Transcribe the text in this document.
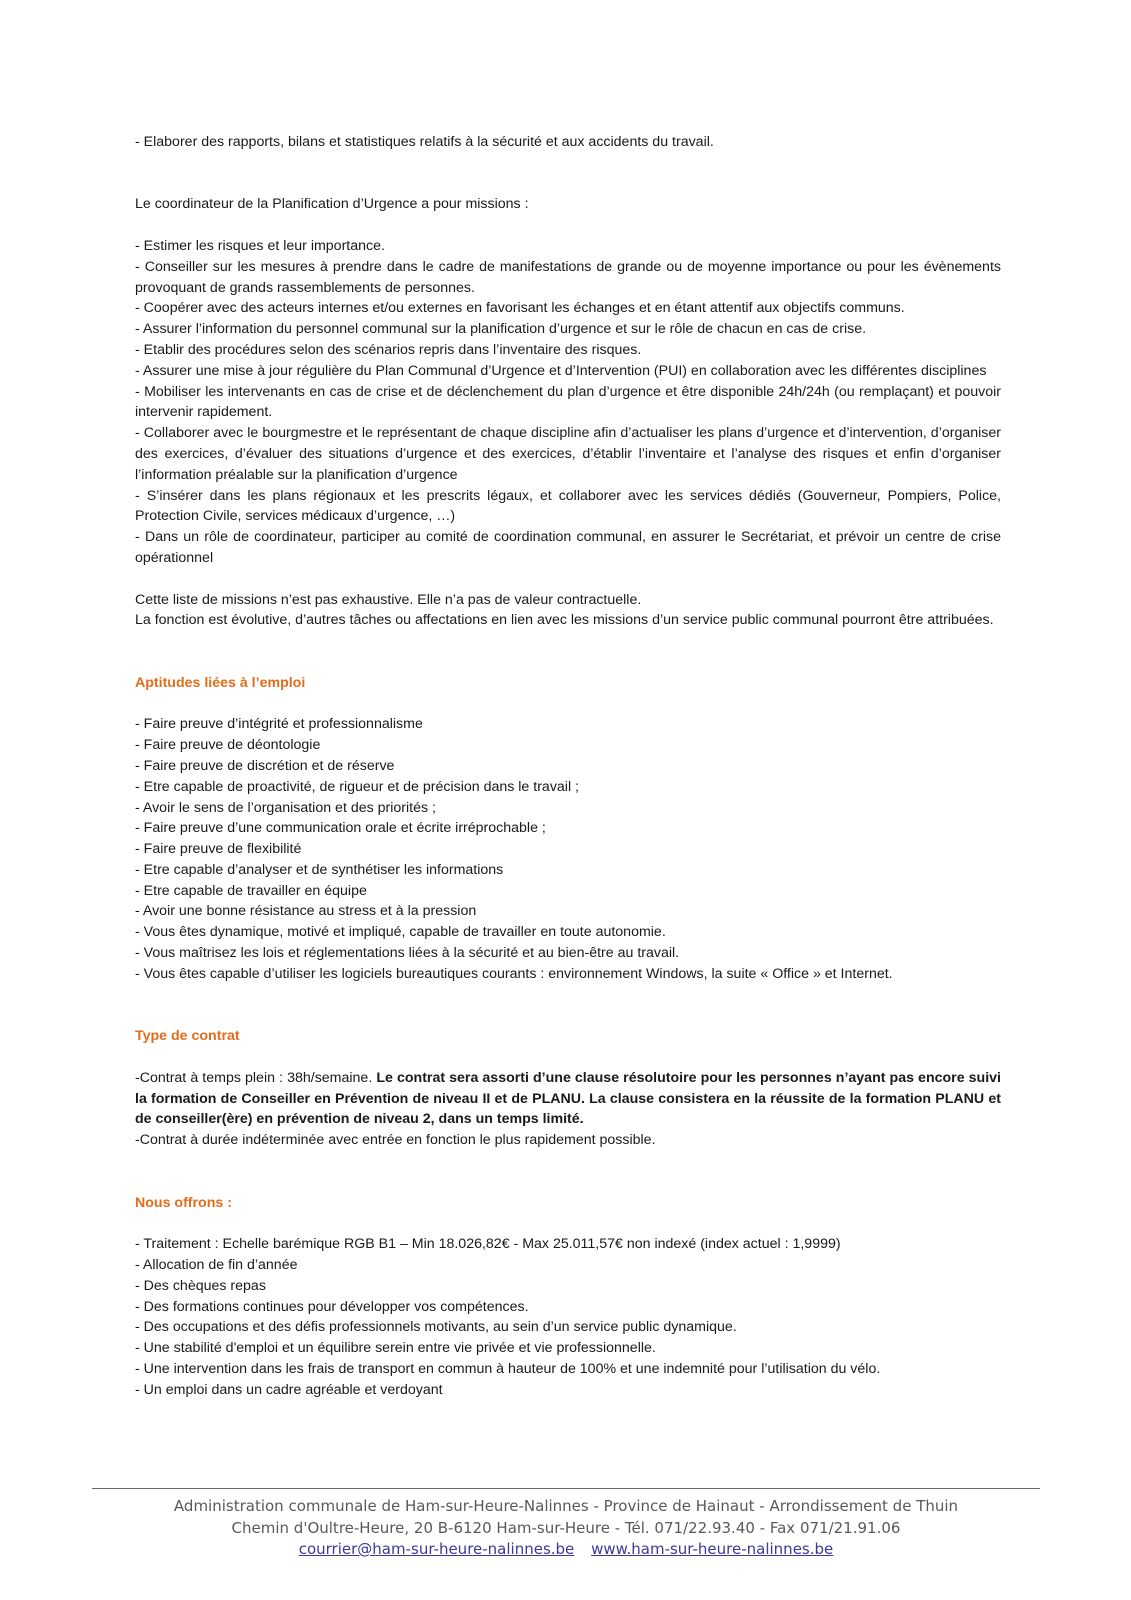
- Elaborer des rapports, bilans et statistiques relatifs à la sécurité et aux accidents du travail.

Le coordinateur de la Planification d’Urgence a pour missions :

- Estimer les risques et leur importance.

- Conseiller sur les mesures à prendre dans le cadre de manifestations de grande ou de moyenne importance ou pour les évènements provoquant de grands rassemblements de personnes.

- Coopérer avec des acteurs internes et/ou externes en favorisant les échanges et en étant attentif aux objectifs communs.

- Assurer l’information du personnel communal sur la planification d’urgence et sur le rôle de chacun en cas de crise.

- Etablir des procédures selon des scénarios repris dans l’inventaire des risques.

- Assurer une mise à jour régulière du Plan Communal d’Urgence et d’Intervention (PUI) en collaboration avec les différentes disciplines

- Mobiliser les intervenants en cas de crise et de déclenchement du plan d’urgence et être disponible 24h/24h (ou remplaçant) et pouvoir intervenir rapidement.

- Collaborer avec le bourgmestre et le représentant de chaque discipline afin d’actualiser les plans d’urgence et d’intervention, d’organiser des exercices, d’évaluer des situations d’urgence et des exercices, d’établir l’inventaire et l’analyse des risques et enfin d’organiser l’information préalable sur la planification d’urgence

- S’insérer dans les plans régionaux et les prescrits légaux, et collaborer avec les services dédiés (Gouverneur, Pompiers, Police, Protection Civile, services médicaux d’urgence, …)

- Dans un rôle de coordinateur, participer au comité de coordination communal, en assurer le Secrétariat, et prévoir un centre de crise opérationnel

Cette liste de missions n’est pas exhaustive. Elle n’a pas de valeur contractuelle.

La fonction est évolutive, d’autres tâches ou affectations en lien avec les missions d’un service public communal pourront être attribuées.

Aptitudes liées à l’emploi

- Faire preuve d’intégrité et professionnalisme

- Faire preuve de déontologie

- Faire preuve de discrétion et de réserve

- Etre capable de proactivité, de rigueur et de précision dans le travail ;

- Avoir le sens de l’organisation et des priorités ;

- Faire preuve d’une communication orale et écrite irréprochable ;

- Faire preuve de flexibilité

- Etre capable d’analyser et de synthétiser les informations

- Etre capable de travailler en équipe

- Avoir une bonne résistance au stress et à la pression

- Vous êtes dynamique, motivé et impliqué, capable de travailler en toute autonomie.

- Vous maîtrisez les lois et réglementations liées à la sécurité et au bien-être au travail.

- Vous êtes capable d’utiliser les logiciels bureautiques courants : environnement Windows, la suite « Office » et Internet.

Type de contrat

-Contrat à temps plein : 38h/semaine. Le contrat sera assorti d’une clause résolutoire pour les personnes n’ayant pas encore suivi la formation de Conseiller en Prévention de niveau II et de PLANU. La clause consistera en la réussite de la formation PLANU et de conseiller(ère) en prévention de niveau 2, dans un temps limité.

-Contrat à durée indéterminée avec entrée en fonction le plus rapidement possible.

Nous offrons :

- Traitement : Echelle barémique RGB B1 – Min 18.026,82€ - Max 25.011,57€ non indexé (index actuel : 1,9999)

- Allocation de fin d’année

- Des chèques repas

- Des formations continues pour développer vos compétences.

- Des occupations et des défis professionnels motivants, au sein d’un service public dynamique.

- Une stabilité d'emploi et un équilibre serein entre vie privée et vie professionnelle.

- Une intervention dans les frais de transport en commun à hauteur de 100% et une indemnité pour l’utilisation du vélo.

- Un emploi dans un cadre agréable et verdoyant

Administration communale de Ham-sur-Heure-Nalinnes - Province de Hainaut - Arrondissement de Thuin
Chemin d'Oultre-Heure, 20 B-6120 Ham-sur-Heure - Tél. 071/22.93.40 - Fax 071/21.91.06
courrier@ham-sur-heure-nalinnes.be www.ham-sur-heure-nalinnes.be
